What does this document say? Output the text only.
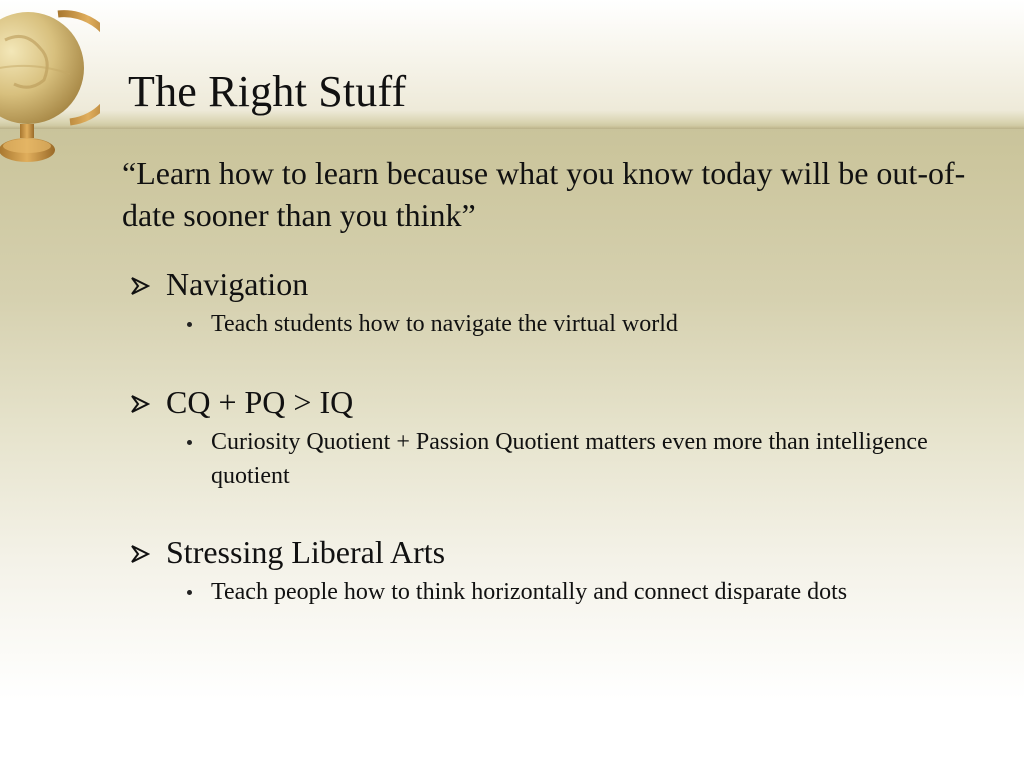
The Right Stuff

“Learn how to learn because what you know today will be out-of-date sooner than you think”

Navigation
Teach students how to navigate the virtual world
CQ + PQ > IQ
Curiosity Quotient + Passion Quotient matters even more than intelligence quotient
Stressing Liberal Arts
Teach people how to think horizontally and connect disparate dots
